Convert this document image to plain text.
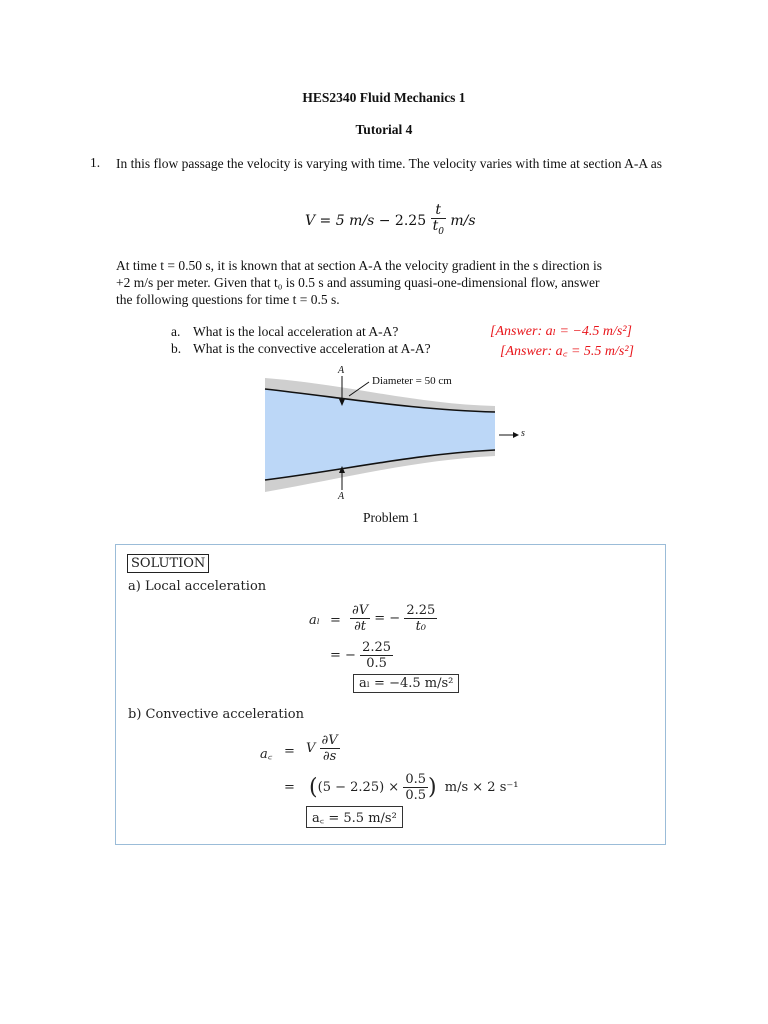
HES2340 Fluid Mechanics 1
Tutorial 4
1. In this flow passage the velocity is varying with time. The velocity varies with time at section A-A as
V = 5 $m/s - 2.25 \frac{t}{t_0} m/s$
At time t = 0.50 s, it is known that at section A-A the velocity gradient in the s direction is
+2 m/s per meter. Given that t₀ is 0.5 s and assuming quasi-one-dimensional flow, answer
the following questions for time t = 0.5 s.
a. What is the local acceleration at A-A?	[Answer: aₗ = −4.5 m/s²]
b. What is the convective acceleration at A-A?	[Answer: a꜀ = 5.5 m/s²]
A
A
Diameter = 50 cm
s
Problem 1
SOLUTION
a) Local acceleration
$a_l = \frac{\partial V}{\partial t}$ = − $\frac{2.25}{\text{t₀}}$
= − $\frac{2.25}{0.5}$
aₗ = −4.5 m/s²
b) Convective acceleration
a꜀ = V $\frac{\partial V}{\partial s}$
= ($(5 - 2.25) \times \frac{0.5}{0.5}$ ) m/s × 2 s⁻¹
a꜀ = 5.5 m/s²
